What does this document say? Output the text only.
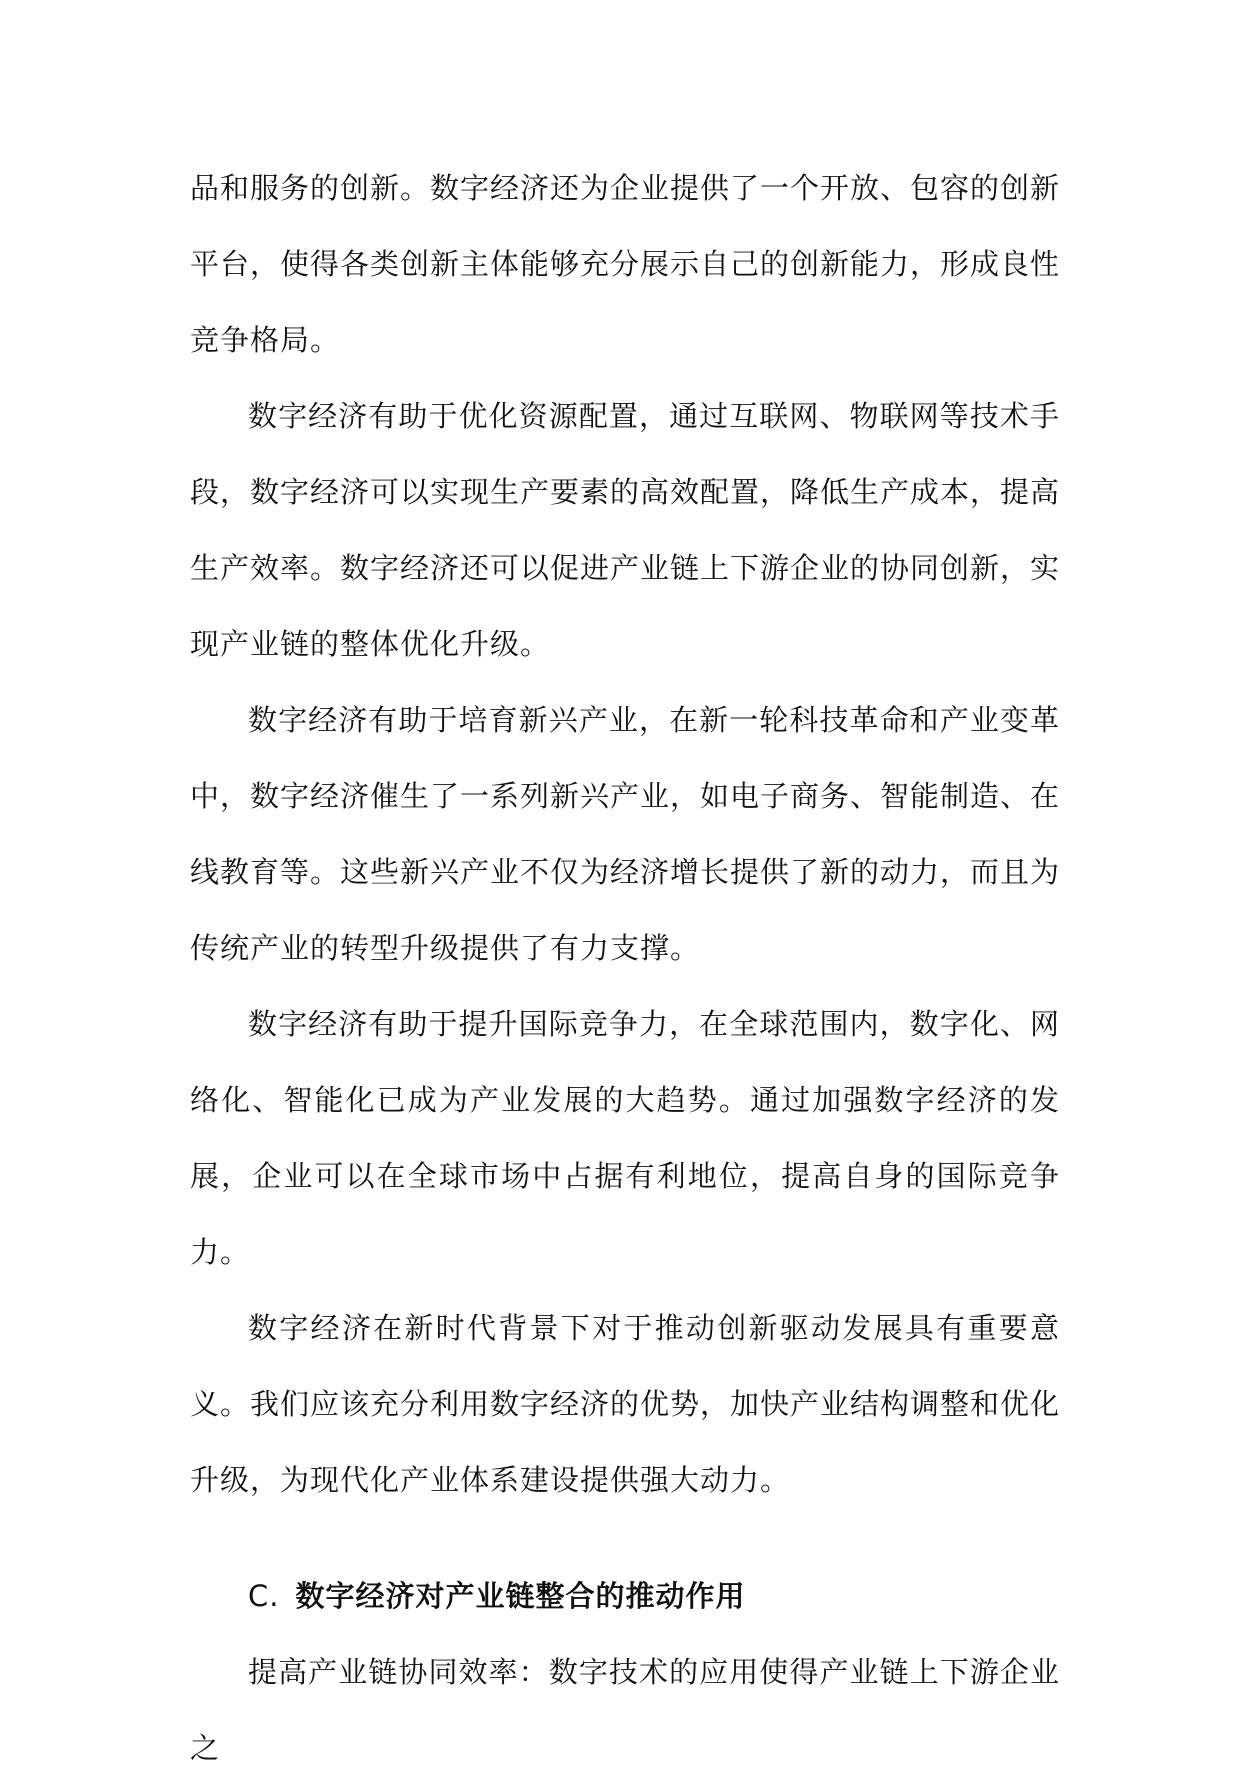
品和服务的创新。数字经济还为企业提供了一个开放、包容的创新平台，使得各类创新主体能够充分展示自己的创新能力，形成良性竞争格局。

数字经济有助于优化资源配置，通过互联网、物联网等技术手段，数字经济可以实现生产要素的高效配置，降低生产成本，提高生产效率。数字经济还可以促进产业链上下游企业的协同创新，实现产业链的整体优化升级。

数字经济有助于培育新兴产业，在新一轮科技革命和产业变革中，数字经济催生了一系列新兴产业，如电子商务、智能制造、在线教育等。这些新兴产业不仅为经济增长提供了新的动力，而且为传统产业的转型升级提供了有力支撑。

数字经济有助于提升国际竞争力，在全球范围内，数字化、网络化、智能化已成为产业发展的大趋势。通过加强数字经济的发展，企业可以在全球市场中占据有利地位，提高自身的国际竞争力。

数字经济在新时代背景下对于推动创新驱动发展具有重要意义。我们应该充分利用数字经济的优势，加快产业结构调整和优化升级，为现代化产业体系建设提供强大动力。

C. 数字经济对产业链整合的推动作用

提高产业链协同效率：数字技术的应用使得产业链上下游企业之
